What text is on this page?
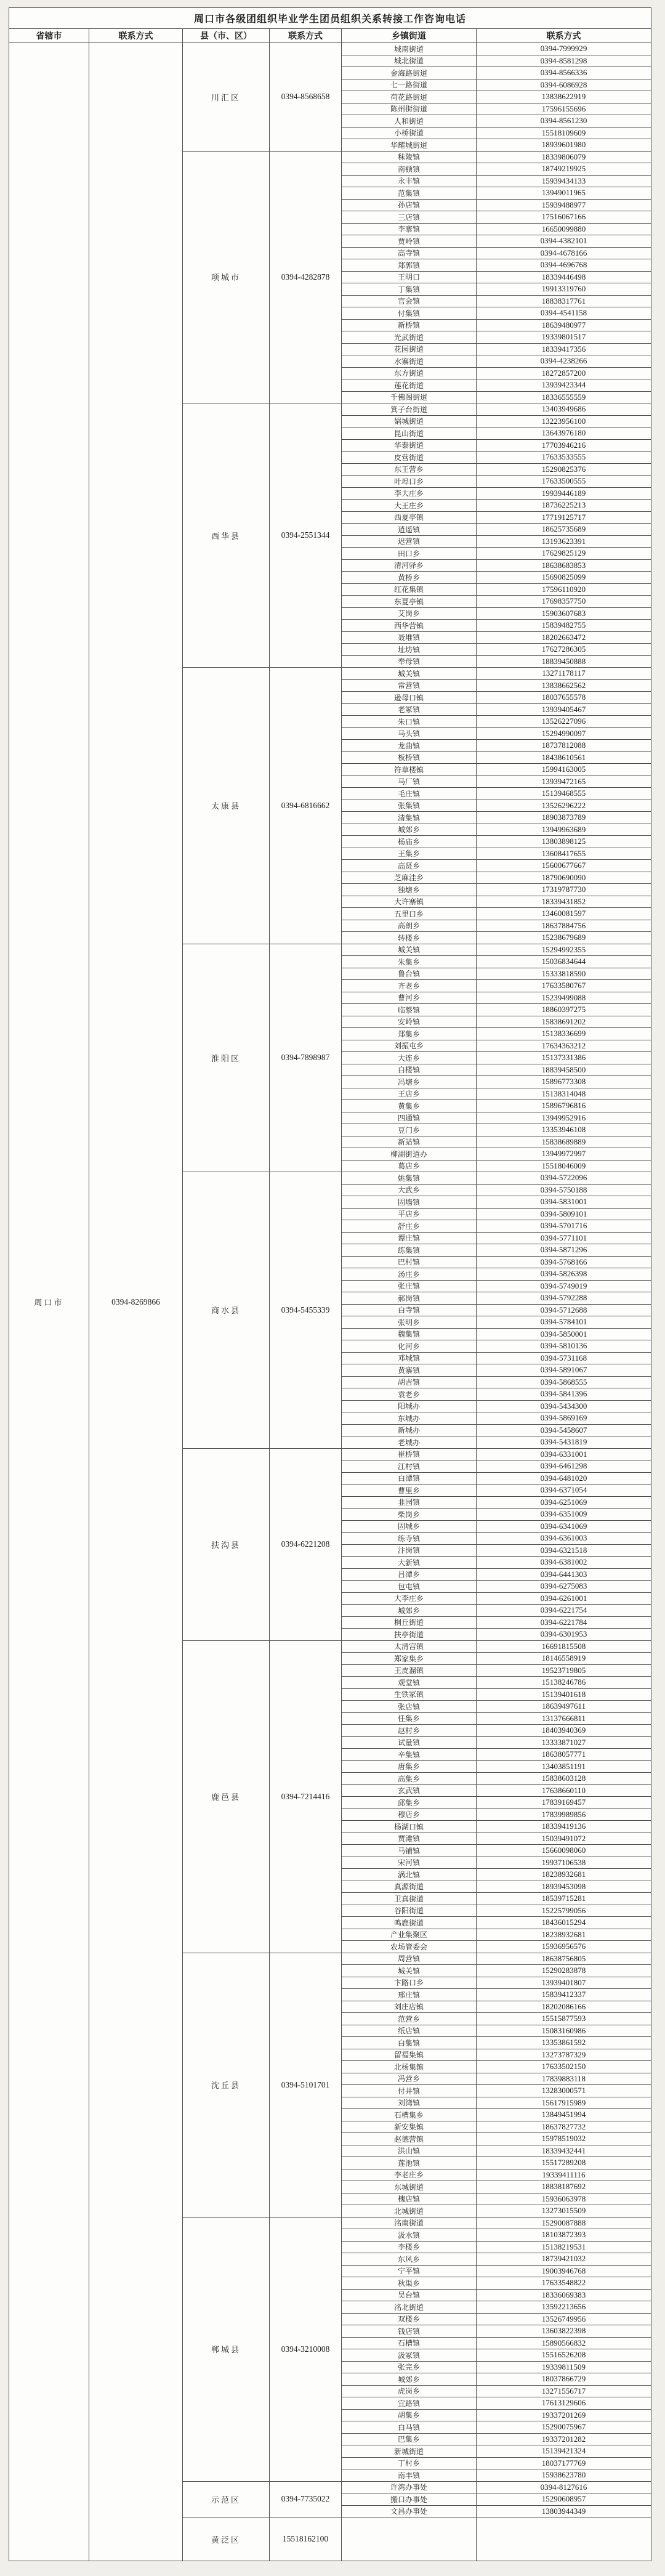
周口市各级团组织毕业学生团员组织关系转接工作咨询电话					
省辖市	联系方式	县（市、区）	联系方式	乡镇街道	联系方式
周口市	0394-8269866	川汇区	0394-8568658	城南街道	0394-7999929
				城北街道	0394-8581298
				金海路街道	0394-8566336
				七一路街道	0394-6086928
				荷花路街道	13838622919
				陈州街街道	17596155696
				人和街道	0394-8561230
				小桥街道	15518109609
				华耀城街道	18939601980
		项城市	0394-4282878	秣陵镇	18339806079
				南顿镇	18749219925
				永丰镇	15939434133
				范集镇	13949011965
				孙店镇	15939488977
				三店镇	17516067166
				李寨镇	16650099880
				贾岭镇	0394-4382101
				高寺镇	0394-4678166
				郑郭镇	0394-4696768
				王明口	18339446498
				丁集镇	19913319760
				官会镇	18838317761
				付集镇	0394-4541158
				新桥镇	18639480977
				光武街道	19339801517
				花园街道	18339417356
				水寨街道	0394-4238266
				东方街道	18272857200
				莲花街道	13939423344
				千佛阁街道	18336555559
		西华县	0394-2551344	箕子台街道	13403949686
				娲城街道	13223956100
				昆山街道	13643976180
				华泰街道	17703946216
				皮营街道	17633533555
				东王营乡	15290825376
				叶埠口乡	17633500555
				李大庄乡	19939446189
				大王庄乡	18736225213
				西夏亭镇	17719125717
				逍遥镇	18625735689
				迟营镇	13193623391
				田口乡	17629825129
				清河驿乡	18638683853
				黄桥乡	15690825099
				红花集镇	17596110920
				东夏亭镇	17698357750
				艾岗乡	15903607683
				西华营镇	15839482755
				聂堆镇	18202663472
				址坊镇	17627286305
				奉母镇	18839450888
		太康县	0394-6816662	城关镇	13271178117
				常营镇	13838662562
				逊母口镇	18037655578
				老冢镇	13939405467
				朱口镇	13526227096
				马头镇	15294990097
				龙曲镇	18737812088
				板桥镇	18438610561
				符草楼镇	15994163005
				马厂镇	13939472165
				毛庄镇	15139468555
				张集镇	13526296222
				清集镇	18903873789
				城郊乡	13949963689
				杨庙乡	13803898125
				王集乡	13608417655
				高贤乡	15600677667
				芝麻洼乡	18790690090
				独塘乡	17319787730
				大许寨镇	18339431852
				五里口乡	13460081597
				高朗乡	18637884756
				转楼乡	15238679689
		淮阳区	0394-7898987	城关镇	15294992355
				朱集乡	15036834644
				鲁台镇	15333818590
				齐老乡	17633580767
				曹河乡	15239499088
				临蔡镇	18860397275
				安岭镇	15838691202
				郑集乡	15138336699
				刘振屯乡	17634363212
				大连乡	15137331386
				白楼镇	18839458500
				冯塘乡	15896773308
				王店乡	15138314048
				黄集乡	15896796816
				四通镇	13949952916
				豆门乡	13353946108
				新站镇	15838689889
				柳湖街道办	13949972997
				葛店乡	15518046009
		商水县	0394-5455339	姚集镇	0394-5722096
				大武乡	0394-5750188
				固墙镇	0394-5831001
				平店乡	0394-5809101
				舒庄乡	0394-5701716
				谭庄镇	0394-5771101
				练集镇	0394-5871296
				巴村镇	0394-5768166
				汤庄乡	0394-5826398
				张庄镇	0394-5749019
				郝岗镇	0394-5792288
				白寺镇	0394-5712688
				张明乡	0394-5784101
				魏集镇	0394-5850001
				化河乡	0394-5810136
				邓城镇	0394-5731168
				黄寨镇	0394-5891067
				胡吉镇	0394-5868555
				袁老乡	0394-5841396
				阳城办	0394-5434300
				东城办	0394-5869169
				新城办	0394-5458607
				老城办	0394-5431819
		扶沟县	0394-6221208	崔桥镇	0394-6331001
				江村镇	0394-6461298
				白潭镇	0394-6481020
				曹里乡	0394-6371054
				韭园镇	0394-6251069
				柴岗乡	0394-6351009
				固城乡	0394-6341069
				练寺镇	0394-6361003
				汴岗镇	0394-6321518
				大新镇	0394-6381002
				吕潭乡	0394-6441303
				包屯镇	0394-6275083
				大李庄乡	0394-6261001
				城郊乡	0394-6221754
				桐丘街道	0394-6221784
				扶亭街道	0394-6301953
		鹿邑县	0394-7214416	太清宫镇	16691815508
				郑家集乡	18146558919
				王皮溜镇	19523719805
				观堂镇	15138246786
				生铁冢镇	15139401618
				张店镇	18639497611
				任集乡	13137666811
				赵村乡	18403940369
				试量镇	13333871027
				辛集镇	18638057771
				唐集乡	13403851191
				高集乡	15838603128
				玄武镇	17638660110
				邱集乡	17839169457
				穆店乡	17839989856
				杨湖口镇	18339419136
				贾滩镇	15039491072
				马铺镇	15660098060
				宋河镇	19937106538
				涡北镇	18238932681
				真源街道	18939453098
				卫真街道	18539715281
				谷阳街道	15225799056
				鸣鹿街道	18436015294
				产业集聚区	18238932681
				农场管委会	15936956576
		沈丘县	0394-5101701	周营镇	18638756805
				城关镇	15290283878
				卞路口乡	13939401807
				邢庄镇	15839412337
				刘庄店镇	18202086166
				范营乡	15515877593
				纸店镇	15083160986
				白集镇	13353861592
				留福集镇	13273787329
				北杨集镇	17633502150
				冯营乡	17839883118
				付井镇	13283000571
				刘湾镇	15617915989
				石槽集乡	13849451994
				新安集镇	18637827732
				赵德营镇	15978519032
				洪山镇	18339432441
				莲池镇	15517289208
				李老庄乡	19339411116
				东城街道	18838187692
				槐店镇	15936063978
				北城街道	13273015509
		郸城县	0394-3210008	洺南街道	15290087888
				汲水镇	18103872393
				李楼乡	15138219531
				东风乡	18739421032
				宁平镇	19003946768
				秋渠乡	17633548822
				吴台镇	18336069383
				洺北街道	13592213656
				双楼乡	13526749956
				钱店镇	13603822398
				石槽镇	15890566832
				汲冢镇	15516526208
				张完乡	19339811509
				城郊乡	18037866729
				虎岗乡	13271556717
				宜路镇	17613129606
				胡集乡	19337201269
				白马镇	15290075967
				巴集乡	19337201282
				新城街道	15139421324
				丁村乡	18037177769
				南丰镇	15938623780
		示范区	0394-7735022	许湾办事处	0394-8127616
				搬口办事处	15290608957
				文昌办事处	13803944349
		黄泛区	15518162100		
